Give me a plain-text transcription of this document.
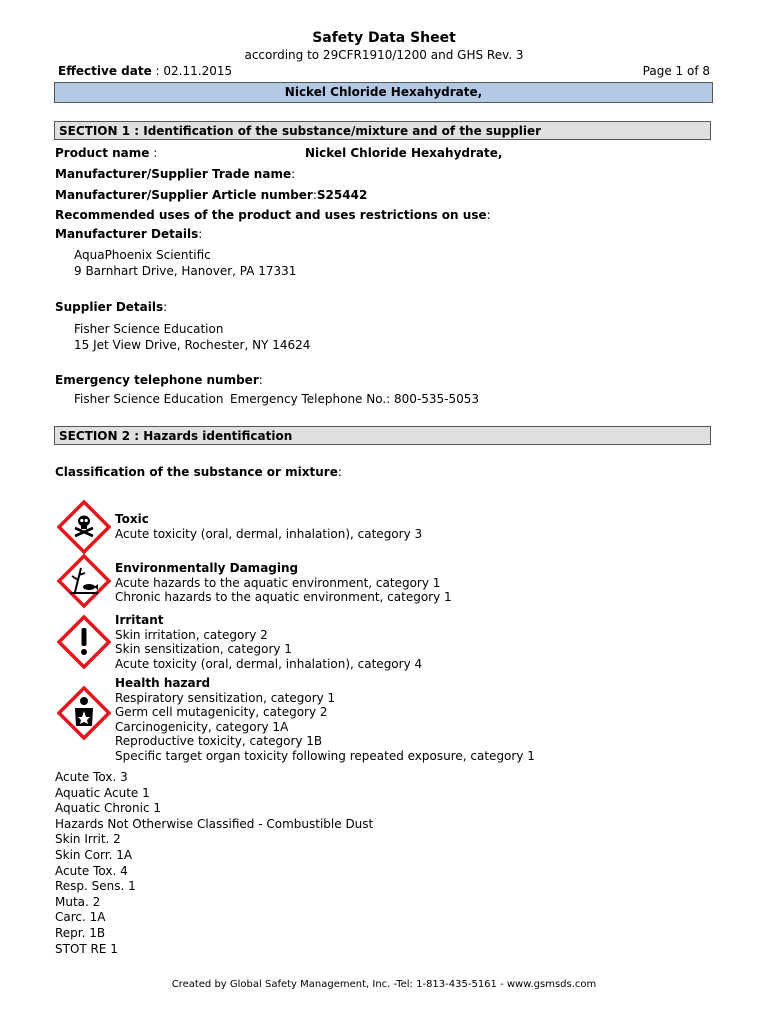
Safety Data Sheet
according to 29CFR1910/1200 and GHS Rev. 3
Effective date : 02.11.2015	Page 1 of 8
Nickel Chloride Hexahydrate,
SECTION 1 : Identification of the substance/mixture and of the supplier
Product name :	Nickel Chloride Hexahydrate,
Manufacturer/Supplier Trade name:
Manufacturer/Supplier Article number:S25442
Recommended uses of the product and uses restrictions on use:
Manufacturer Details:
AquaPhoenix Scientific
9 Barnhart Drive, Hanover, PA 17331
Supplier Details:
Fisher Science Education
15 Jet View Drive, Rochester, NY 14624
Emergency telephone number:
Fisher Science Education Emergency Telephone No.: 800-535-5053
SECTION 2 : Hazards identification
Classification of the substance or mixture:
Toxic
Acute toxicity (oral, dermal, inhalation), category 3
Environmentally Damaging
Acute hazards to the aquatic environment, category 1
Chronic hazards to the aquatic environment, category 1
Irritant
Skin irritation, category 2
Skin sensitization, category 1
Acute toxicity (oral, dermal, inhalation), category 4
Health hazard
Respiratory sensitization, category 1
Germ cell mutagenicity, category 2
Carcinogenicity, category 1A
Reproductive toxicity, category 1B
Specific target organ toxicity following repeated exposure, category 1
Acute Tox. 3
Aquatic Acute 1
Aquatic Chronic 1
Hazards Not Otherwise Classified - Combustible Dust
Skin Irrit. 2
Skin Corr. 1A
Acute Tox. 4
Resp. Sens. 1
Muta. 2
Carc. 1A
Repr. 1B
STOT RE 1
Created by Global Safety Management, Inc. -Tel: 1-813-435-5161 - www.gsmsds.com
